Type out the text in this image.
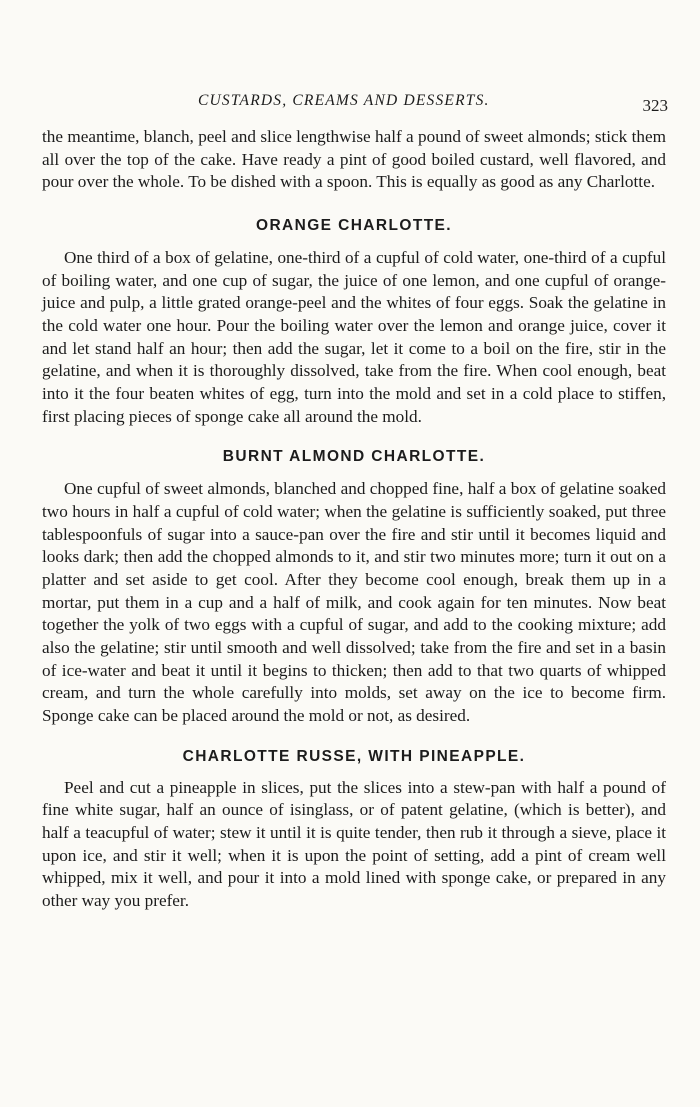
CUSTARDS, CREAMS AND DESSERTS.	323

the meantime, blanch, peel and slice lengthwise half a pound of sweet almonds; stick them all over the top of the cake. Have ready a pint of good boiled custard, well flavored, and pour over the whole. To be dished with a spoon. This is equally as good as any Charlotte.

ORANGE CHARLOTTE.

One third of a box of gelatine, one-third of a cupful of cold water, one-third of a cupful of boiling water, and one cup of sugar, the juice of one lemon, and one cupful of orange-juice and pulp, a little grated orange-peel and the whites of four eggs. Soak the gelatine in the cold water one hour. Pour the boiling water over the lemon and orange juice, cover it and let stand half an hour; then add the sugar, let it come to a boil on the fire, stir in the gelatine, and when it is thoroughly dissolved, take from the fire. When cool enough, beat into it the four beaten whites of egg, turn into the mold and set in a cold place to stiffen, first placing pieces of sponge cake all around the mold.

BURNT ALMOND CHARLOTTE.

One cupful of sweet almonds, blanched and chopped fine, half a box of gelatine soaked two hours in half a cupful of cold water; when the gelatine is sufficiently soaked, put three tablespoonfuls of sugar into a sauce-pan over the fire and stir until it becomes liquid and looks dark; then add the chopped almonds to it, and stir two minutes more; turn it out on a platter and set aside to get cool. After they become cool enough, break them up in a mortar, put them in a cup and a half of milk, and cook again for ten minutes. Now beat together the yolk of two eggs with a cupful of sugar, and add to the cooking mixture; add also the gelatine; stir until smooth and well dissolved; take from the fire and set in a basin of ice-water and beat it until it begins to thicken; then add to that two quarts of whipped cream, and turn the whole carefully into molds, set away on the ice to become firm. Sponge cake can be placed around the mold or not, as desired.

CHARLOTTE RUSSE, WITH PINEAPPLE.

Peel and cut a pineapple in slices, put the slices into a stew-pan with half a pound of fine white sugar, half an ounce of isinglass, or of patent gelatine, (which is better), and half a teacupful of water; stew it until it is quite tender, then rub it through a sieve, place it upon ice, and stir it well; when it is upon the point of setting, add a pint of cream well whipped, mix it well, and pour it into a mold lined with sponge cake, or prepared in any other way you prefer.
